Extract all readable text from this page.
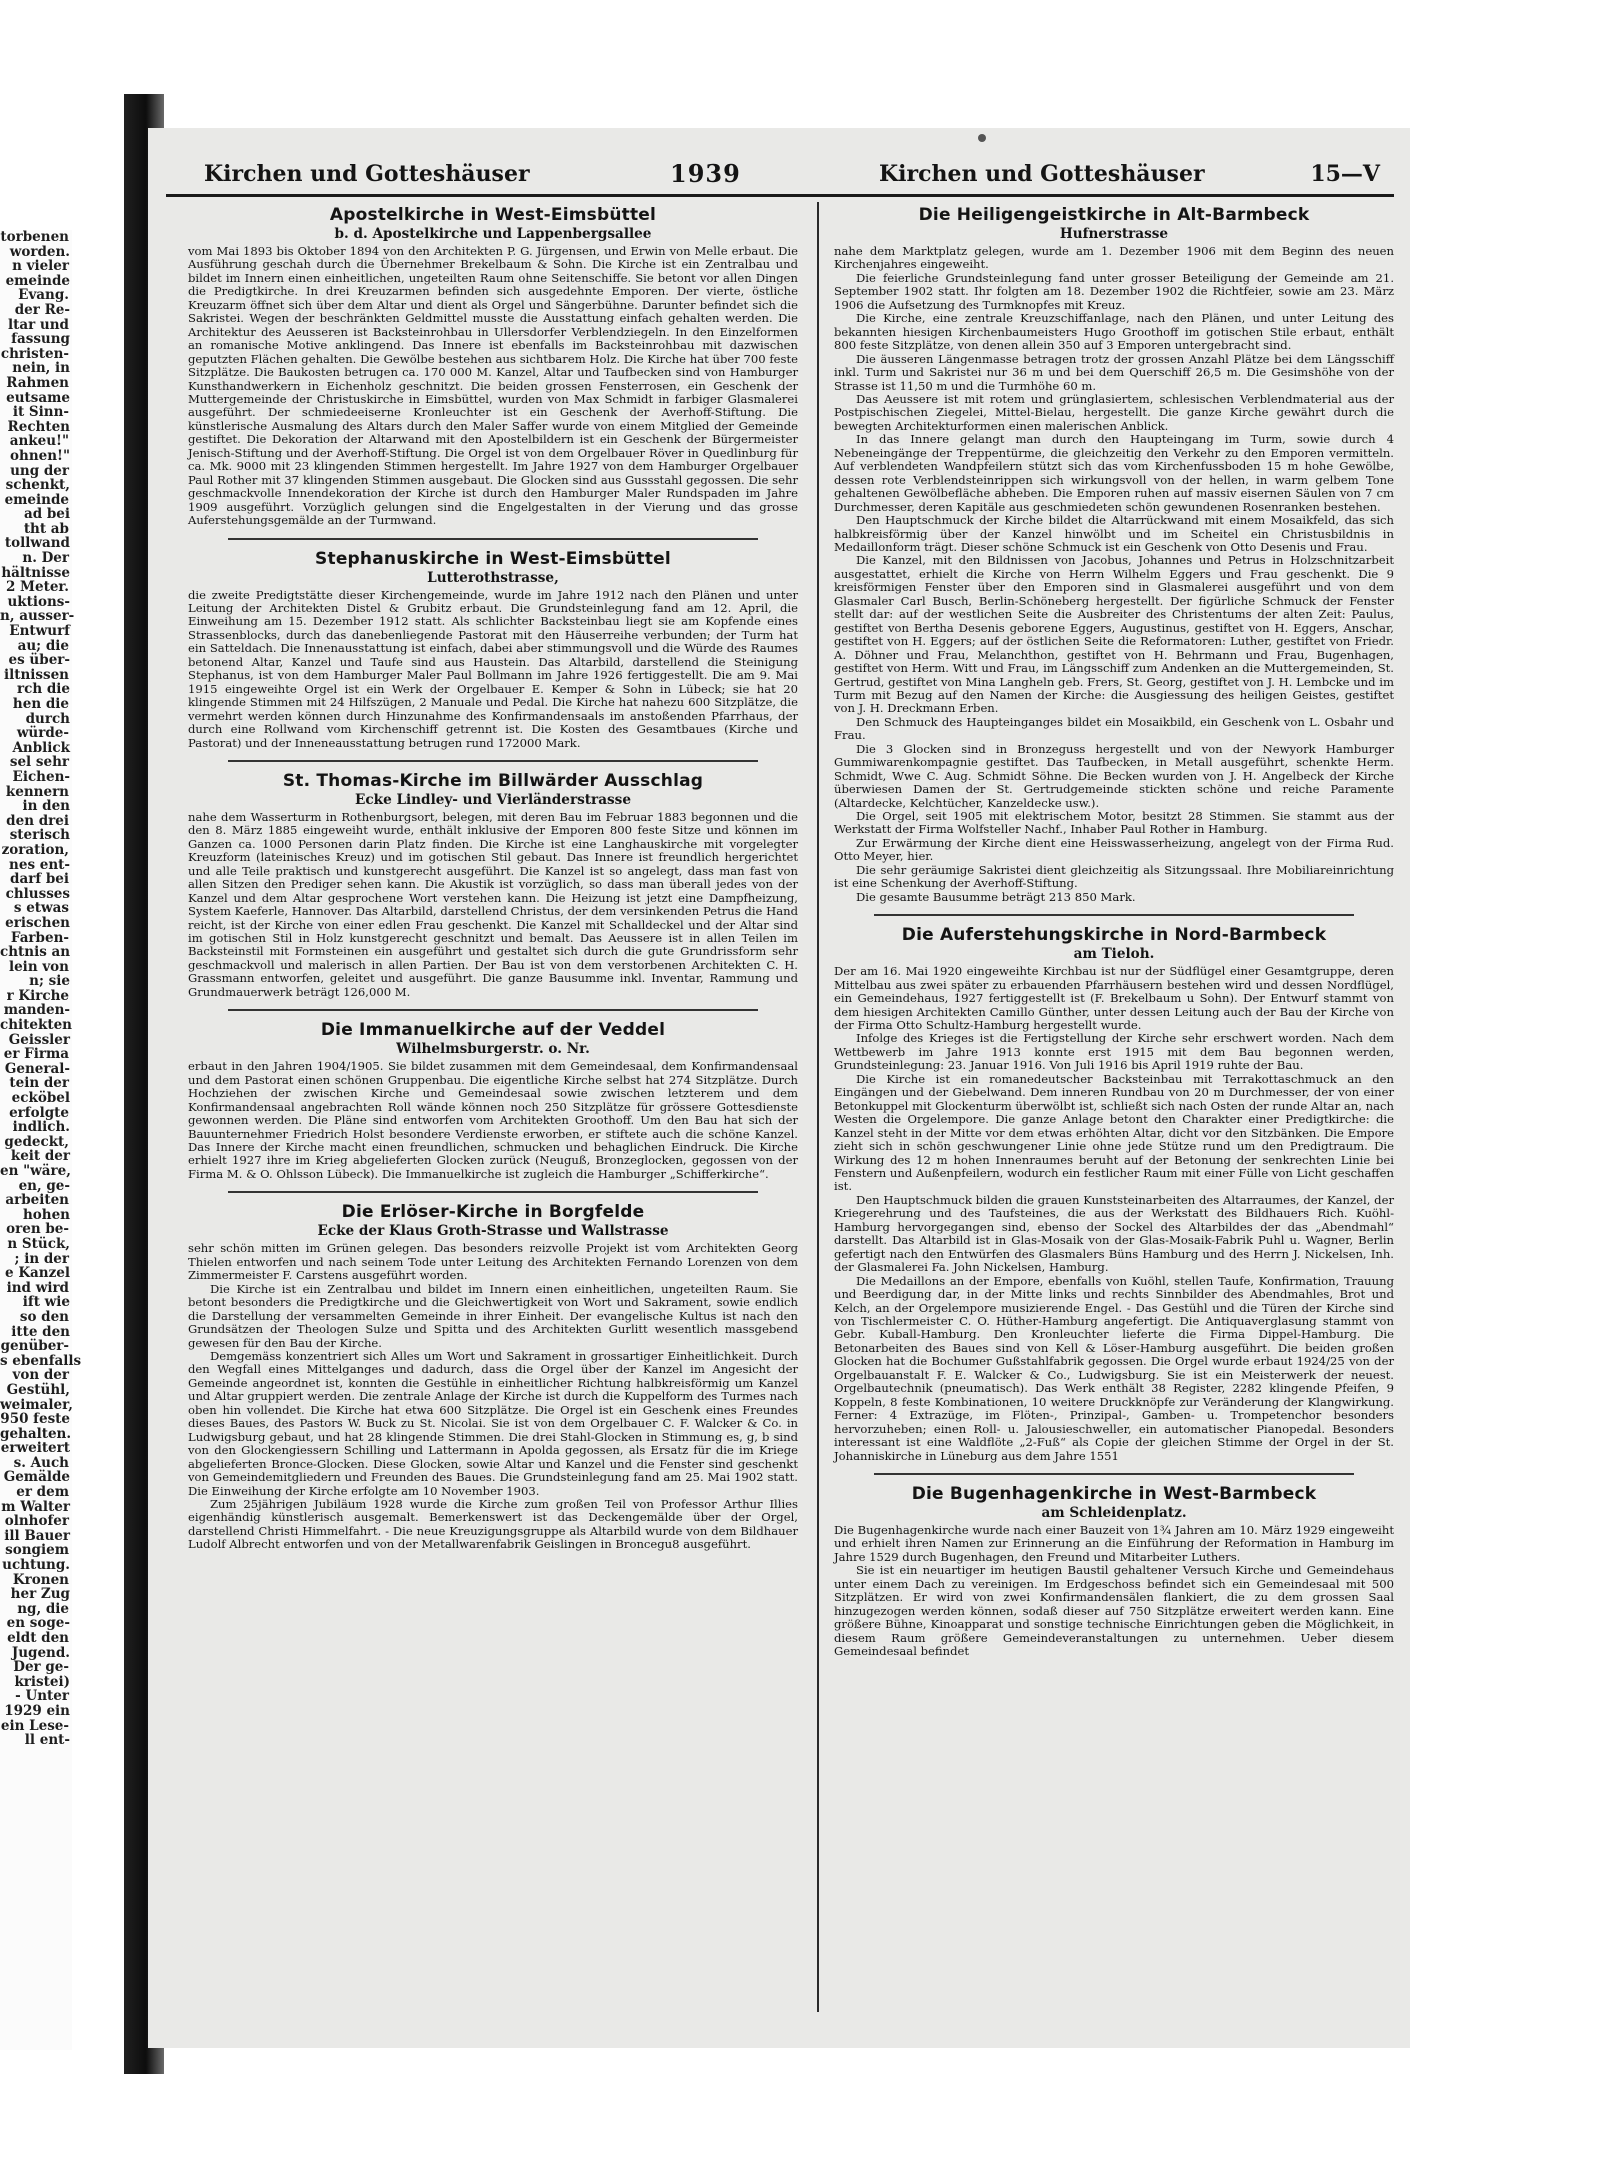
torbenen
worden.
n vieler
emeinde
Evang.
der Re-
ltar und
fassung
christen-
nein, in
Rahmen
eutsame
it Sinn-
Rechten
ankeu!"
ohnen!"
ung der
schenkt,
emeinde
ad bei
tht ab
tollwand
n. Der
hältnisse
2 Meter.
uktions-
n, ausser-
Entwurf
au; die
es über-
iltnissen
rch die
hen die
durch
würde-
Anblick
sel sehr
Eichen-
kennern
in den
den drei
sterisch
zoration,
nes ent-
darf bei
chlusses
s etwas
erischen
Farben-
chtnis an
lein von
n; sie
r Kirche
manden-
chitekten
Geissler
er Firma
General-
tein der
ecköbel
erfolgte
indlich.
gedeckt,
keit der
en "wäre,
en, ge-
arbeiten
hohen
oren be-
n Stück,
; in der
e Kanzel
ind wird
ift wie
so den
itte den
genüber-
s ebenfalls
von der
Gestühl,
weimaler,
950 feste
gehalten.
erweitert
s. Auch
Gemälde
er dem
m Walter
olnhofer
ill Bauer
songiem
uchtung.
Kronen
her Zug
ng, die
en soge-
eldt den
Jugend.
Der ge-
kristei)
- Unter
1929 ein
ein Lese-
ll ent-
Kirchen und Gotteshäuser	1939	Kirchen und Gotteshäuser	15—V
Apostelkirche in West-Eimsbüttel
b. d. Apostelkirche und Lappenbergsallee

vom Mai 1893 bis Oktober 1894 von den Architekten P. G. Jürgensen, und Erwin von Melle erbaut. Die Ausführung geschah durch die Übernehmer Brekelbaum & Sohn. Die Kirche ist ein Zentralbau und bildet im Innern einen einheitlichen, ungeteilten Raum ohne Seitenschiffe. Sie betont vor allen Dingen die Predigtkirche. In drei Kreuzarmen befinden sich ausgedehnte Emporen. Der vierte, östliche Kreuzarm öffnet sich über dem Altar und dient als Orgel und Sängerbühne. Darunter befindet sich die Sakristei. Wegen der beschränkten Geldmittel musste die Ausstattung einfach gehalten werden. Die Architektur des Aeusseren ist Backsteinrohbau in Ullersdorfer Verblendziegeln. In den Einzelformen an romanische Motive anklingend. Das Innere ist ebenfalls im Backsteinrohbau mit dazwischen geputzten Flächen gehalten. Die Gewölbe bestehen aus sichtbarem Holz. Die Kirche hat über 700 feste Sitzplätze. Die Baukosten betrugen ca. 170 000 M. Kanzel, Altar und Taufbecken sind von Hamburger Kunsthandwerkern in Eichenholz geschnitzt. Die beiden grossen Fensterrosen, ein Geschenk der Muttergemeinde der Christuskirche in Eimsbüttel, wurden von Max Schmidt in farbiger Glasmalerei ausgeführt. Der schmiedeeiserne Kronleuchter ist ein Geschenk der Averhoff-Stiftung. Die künstlerische Ausmalung des Altars durch den Maler Saffer wurde von einem Mitglied der Gemeinde gestiftet. Die Dekoration der Altarwand mit den Apostelbildern ist ein Geschenk der Bürgermeister Jenisch-Stiftung und der Averhoff-Stiftung. Die Orgel ist von dem Orgelbauer Röver in Quedlinburg für ca. Mk. 9000 mit 23 klingenden Stimmen hergestellt. Im Jahre 1927 von dem Hamburger Orgelbauer Paul Rother mit 37 klingenden Stimmen ausgebaut. Die Glocken sind aus Gussstahl gegossen. Die sehr geschmackvolle Innendekoration der Kirche ist durch den Hamburger Maler Rundspaden im Jahre 1909 ausgeführt. Vorzüglich gelungen sind die Engelgestalten in der Vierung und das grosse Auferstehungsgemälde an der Turmwand.

Stephanuskirche in West-Eimsbüttel
Lutterothstrasse,

die zweite Predigtstätte dieser Kirchengemeinde, wurde im Jahre 1912 nach den Plänen und unter Leitung der Architekten Distel & Grubitz erbaut. Die Grundsteinlegung fand am 12. April, die Einweihung am 15. Dezember 1912 statt. Als schlichter Backsteinbau liegt sie am Kopfende eines Strassenblocks, durch das danebenliegende Pastorat mit den Häuserreihe verbunden; der Turm hat ein Satteldach. Die Innenausstattung ist einfach, dabei aber stimmungsvoll und die Würde des Raumes betonend Altar, Kanzel und Taufe sind aus Haustein. Das Altarbild, darstellend die Steinigung Stephanus, ist von dem Hamburger Maler Paul Bollmann im Jahre 1926 fertiggestellt. Die am 9. Mai 1915 eingeweihte Orgel ist ein Werk der Orgelbauer E. Kemper & Sohn in Lübeck; sie hat 20 klingende Stimmen mit 24 Hilfszügen, 2 Manuale und Pedal. Die Kirche hat nahezu 600 Sitzplätze, die vermehrt werden können durch Hinzunahme des Konfirmandensaals im anstoßenden Pfarrhaus, der durch eine Rollwand vom Kirchenschiff getrennt ist. Die Kosten des Gesamtbaues (Kirche und Pastorat) und der Inneneausstattung betrugen rund 172000 Mark.

St. Thomas-Kirche im Billwärder Ausschlag
Ecke Lindley- und Vierländerstrasse

nahe dem Wasserturm in Rothenburgsort, belegen, mit deren Bau im Februar 1883 begonnen und die den 8. März 1885 eingeweiht wurde, enthält inklusive der Emporen 800 feste Sitze und können im Ganzen ca. 1000 Personen darin Platz finden. Die Kirche ist eine Langhauskirche mit vorgelegter Kreuzform (lateinisches Kreuz) und im gotischen Stil gebaut. Das Innere ist freundlich hergerichtet und alle Teile praktisch und kunstgerecht ausgeführt. Die Kanzel ist so angelegt, dass man fast von allen Sitzen den Prediger sehen kann. Die Akustik ist vorzüglich, so dass man überall jedes von der Kanzel und dem Altar gesprochene Wort verstehen kann. Die Heizung ist jetzt eine Dampfheizung, System Kaeferle, Hannover. Das Altarbild, darstellend Christus, der dem versinkenden Petrus die Hand reicht, ist der Kirche von einer edlen Frau geschenkt. Die Kanzel mit Schalldeckel und der Altar sind im gotischen Stil in Holz kunstgerecht geschnitzt und bemalt. Das Aeussere ist in allen Teilen im Backsteinstil mit Formsteinen ein ausgeführt und gestaltet sich durch die gute Grundrissform sehr geschmackvoll und malerisch in allen Partien. Der Bau ist von dem verstorbenen Architekten C. H. Grassmann entworfen, geleitet und ausgeführt. Die ganze Bausumme inkl. Inventar, Rammung und Grundmauerwerk beträgt 126,000 M.

Die Immanuelkirche auf der Veddel
Wilhelmsburgerstr. o. Nr.

erbaut in den Jahren 1904/1905. Sie bildet zusammen mit dem Gemeindesaal, dem Konfirmandensaal und dem Pastorat einen schönen Gruppenbau. Die eigentliche Kirche selbst hat 274 Sitzplätze. Durch Hochziehen der zwischen Kirche und Gemeindesaal sowie zwischen letzterem und dem Konfirmandensaal angebrachten Roll wände können noch 250 Sitzplätze für grössere Gottesdienste gewonnen werden. Die Pläne sind entworfen vom Architekten Groothoff. Um den Bau hat sich der Bauunternehmer Friedrich Holst besondere Verdienste erworben, er stiftete auch die schöne Kanzel. Das Innere der Kirche macht einen freundlichen, schmucken und behaglichen Eindruck. Die Kirche erhielt 1927 ihre im Krieg abgelieferten Glocken zurück (Neuguß, Bronzeglocken, gegossen von der Firma M. & O. Ohlsson Lübeck). Die Immanuelkirche ist zugleich die Hamburger „Schifferkirche“.

Die Erlöser-Kirche in Borgfelde
Ecke der Klaus Groth-Strasse und Wallstrasse

sehr schön mitten im Grünen gelegen. Das besonders reizvolle Projekt ist vom Architekten Georg Thielen entworfen und nach seinem Tode unter Leitung des Architekten Fernando Lorenzen von dem Zimmermeister F. Carstens ausgeführt worden.

Die Kirche ist ein Zentralbau und bildet im Innern einen einheitlichen, ungeteilten Raum. Sie betont besonders die Predigtkirche und die Gleichwertigkeit von Wort und Sakrament, sowie endlich die Darstellung der versammelten Gemeinde in ihrer Einheit. Der evangelische Kultus ist nach den Grundsätzen der Theologen Sulze und Spitta und des Architekten Gurlitt wesentlich massgebend gewesen für den Bau der Kirche.

Demgemäss konzentriert sich Alles um Wort und Sakrament in grossartiger Einheitlichkeit. Durch den Wegfall eines Mittelganges und dadurch, dass die Orgel über der Kanzel im Angesicht der Gemeinde angeordnet ist, konnten die Gestühle in einheitlicher Richtung halbkreisförmig um Kanzel und Altar gruppiert werden. Die zentrale Anlage der Kirche ist durch die Kuppelform des Turmes nach oben hin vollendet. Die Kirche hat etwa 600 Sitzplätze. Die Orgel ist ein Geschenk eines Freundes dieses Baues, des Pastors W. Buck zu St. Nicolai. Sie ist von dem Orgelbauer C. F. Walcker & Co. in Ludwigsburg gebaut, und hat 28 klingende Stimmen. Die drei Stahl-Glocken in Stimmung es, g, b sind von den Glockengiessern Schilling und Lattermann in Apolda gegossen, als Ersatz für die im Kriege abgelieferten Bronce-Glocken. Diese Glocken, sowie Altar und Kanzel und die Fenster sind geschenkt von Gemeindemitgliedern und Freunden des Baues. Die Grundsteinlegung fand am 25. Mai 1902 statt. Die Einweihung der Kirche erfolgte am 10 November 1903.

Zum 25jährigen Jubiläum 1928 wurde die Kirche zum großen Teil von Professor Arthur Illies eigenhändig künstlerisch ausgemalt. Bemerkenswert ist das Deckengemälde über der Orgel, darstellend Christi Himmelfahrt. - Die neue Kreuzigungsgruppe als Altarbild wurde von dem Bildhauer Ludolf Albrecht entworfen und von der Metallwarenfabrik Geislingen in Broncegu8 ausgeführt.

Die Heiligengeistkirche in Alt-Barmbeck
Hufnerstrasse

nahe dem Marktplatz gelegen, wurde am 1. Dezember 1906 mit dem Beginn des neuen Kirchenjahres eingeweiht.

Die feierliche Grundsteinlegung fand unter grosser Beteiligung der Gemeinde am 21. September 1902 statt. Ihr folgten am 18. Dezember 1902 die Richtfeier, sowie am 23. März 1906 die Aufsetzung des Turmknopfes mit Kreuz.

Die Kirche, eine zentrale Kreuzschiffanlage, nach den Plänen, und unter Leitung des bekannten hiesigen Kirchenbaumeisters Hugo Groothoff im gotischen Stile erbaut, enthält 800 feste Sitzplätze, von denen allein 350 auf 3 Emporen untergebracht sind.

Die äusseren Längenmasse betragen trotz der grossen Anzahl Plätze bei dem Längsschiff inkl. Turm und Sakristei nur 36 m und bei dem Querschiff 26,5 m. Die Gesimshöhe von der Strasse ist 11,50 m und die Turmhöhe 60 m.

Das Aeussere ist mit rotem und grünglasiertem, schlesischen Verblendmaterial aus der Postpischischen Ziegelei, Mittel-Bielau, hergestellt. Die ganze Kirche gewährt durch die bewegten Architekturformen einen malerischen Anblick.

In das Innere gelangt man durch den Haupteingang im Turm, sowie durch 4 Nebeneingänge der Treppentürme, die gleichzeitig den Verkehr zu den Emporen vermitteln. Auf verblendeten Wandpfeilern stützt sich das vom Kirchenfussboden 15 m hohe Gewölbe, dessen rote Verblendsteinrippen sich wirkungsvoll von der hellen, in warm gelbem Tone gehaltenen Gewölbefläche abheben. Die Emporen ruhen auf massiv eisernen Säulen von 7 cm Durchmesser, deren Kapitäle aus geschmiedeten schön gewundenen Rosenranken bestehen.

Den Hauptschmuck der Kirche bildet die Altarrückwand mit einem Mosaikfeld, das sich halbkreisförmig über der Kanzel hinwölbt und im Scheitel ein Christusbildnis in Medaillonform trägt. Dieser schöne Schmuck ist ein Geschenk von Otto Desenis und Frau.

Die Kanzel, mit den Bildnissen von Jacobus, Johannes und Petrus in Holzschnitzarbeit ausgestattet, erhielt die Kirche von Herrn Wilhelm Eggers und Frau geschenkt. Die 9 kreisförmigen Fenster über den Emporen sind in Glasmalerei ausgeführt und von dem Glasmaler Carl Busch, Berlin-Schöneberg hergestellt. Der figürliche Schmuck der Fenster stellt dar: auf der westlichen Seite die Ausbreiter des Christentums der alten Zeit: Paulus, gestiftet von Bertha Desenis geborene Eggers, Augustinus, gestiftet von H. Eggers, Anschar, gestiftet von H. Eggers; auf der östlichen Seite die Reformatoren: Luther, gestiftet von Friedr. A. Döhner und Frau, Melanchthon, gestiftet von H. Behrmann und Frau, Bugenhagen, gestiftet von Herm. Witt und Frau, im Längsschiff zum Andenken an die Muttergemeinden, St. Gertrud, gestiftet von Mina Langheln geb. Frers, St. Georg, gestiftet von J. H. Lembcke und im Turm mit Bezug auf den Namen der Kirche: die Ausgiessung des heiligen Geistes, gestiftet von J. H. Dreckmann Erben.

Den Schmuck des Haupteinganges bildet ein Mosaikbild, ein Geschenk von L. Osbahr und Frau.

Die 3 Glocken sind in Bronzeguss hergestellt und von der Newyork Hamburger Gummiwarenkompagnie gestiftet. Das Taufbecken, in Metall ausgeführt, schenkte Herm. Schmidt, Wwe C. Aug. Schmidt Söhne. Die Becken wurden von J. H. Angelbeck der Kirche überwiesen Damen der St. Gertrudgemeinde stickten schöne und reiche Paramente (Altardecke, Kelchtücher, Kanzeldecke usw.).

Die Orgel, seit 1905 mit elektrischem Motor, besitzt 28 Stimmen. Sie stammt aus der Werkstatt der Firma Wolfsteller Nachf., Inhaber Paul Rother in Hamburg.

Zur Erwärmung der Kirche dient eine Heisswasserheizung, angelegt von der Firma Rud. Otto Meyer, hier.

Die sehr geräumige Sakristei dient gleichzeitig als Sitzungssaal. Ihre Mobiliareinrichtung ist eine Schenkung der Averhoff-Stiftung.

Die gesamte Bausumme beträgt 213 850 Mark.

Die Auferstehungskirche in Nord-Barmbeck
am Tieloh.

Der am 16. Mai 1920 eingeweihte Kirchbau ist nur der Südflügel einer Gesamtgruppe, deren Mittelbau aus zwei später zu erbauenden Pfarrhäusern bestehen wird und dessen Nordflügel, ein Gemeindehaus, 1927 fertiggestellt ist (F. Brekelbaum u Sohn). Der Entwurf stammt von dem hiesigen Architekten Camillo Günther, unter dessen Leitung auch der Bau der Kirche von der Firma Otto Schultz-Hamburg hergestellt wurde.

Infolge des Krieges ist die Fertigstellung der Kirche sehr erschwert worden. Nach dem Wettbewerb im Jahre 1913 konnte erst 1915 mit dem Bau begonnen werden, Grundsteinlegung: 23. Januar 1916. Von Juli 1916 bis April 1919 ruhte der Bau.

Die Kirche ist ein romanedeutscher Backsteinbau mit Terrakottaschmuck an den Eingängen und der Giebelwand. Dem inneren Rundbau von 20 m Durchmesser, der von einer Betonkuppel mit Glockenturm überwölbt ist, schließt sich nach Osten der runde Altar an, nach Westen die Orgelempore. Die ganze Anlage betont den Charakter einer Predigtkirche: die Kanzel steht in der Mitte vor dem etwas erhöhten Altar, dicht vor den Sitzbänken. Die Empore zieht sich in schön geschwungener Linie ohne jede Stütze rund um den Predigtraum. Die Wirkung des 12 m hohen Innenraumes beruht auf der Betonung der senkrechten Linie bei Fenstern und Außenpfeilern, wodurch ein festlicher Raum mit einer Fülle von Licht geschaffen ist.

Den Hauptschmuck bilden die grauen Kunststeinarbeiten des Altarraumes, der Kanzel, der Kriegerehrung und des Taufsteines, die aus der Werkstatt des Bildhauers Rich. Kuöhl-Hamburg hervorgegangen sind, ebenso der Sockel des Altarbildes der das „Abendmahl“ darstellt. Das Altarbild ist in Glas-Mosaik von der Glas-Mosaik-Fabrik Puhl u. Wagner, Berlin gefertigt nach den Entwürfen des Glasmalers Büns Hamburg und des Herrn J. Nickelsen, Inh. der Glasmalerei Fa. John Nickelsen, Hamburg.

Die Medaillons an der Empore, ebenfalls von Kuöhl, stellen Taufe, Konfirmation, Trauung und Beerdigung dar, in der Mitte links und rechts Sinnbilder des Abendmahles, Brot und Kelch, an der Orgelempore musizierende Engel. - Das Gestühl und die Türen der Kirche sind von Tischlermeister C. O. Hüther-Hamburg angefertigt. Die Antiquaverglasung stammt von Gebr. Kuball-Hamburg. Den Kronleuchter lieferte die Firma Dippel-Hamburg. Die Betonarbeiten des Baues sind von Kell & Löser-Hamburg ausgeführt. Die beiden großen Glocken hat die Bochumer Gußstahlfabrik gegossen. Die Orgel wurde erbaut 1924/25 von der Orgelbauanstalt F. E. Walcker & Co., Ludwigsburg. Sie ist ein Meisterwerk der neuest. Orgelbautechnik (pneumatisch). Das Werk enthält 38 Register, 2282 klingende Pfeifen, 9 Koppeln, 8 feste Kombinationen, 10 weitere Druckknöpfe zur Veränderung der Klangwirkung. Ferner: 4 Extrazüge, im Flöten-, Prinzipal-, Gamben- u. Trompetenchor besonders hervorzuheben; einen Roll- u. Jalousieschweller, ein automatischer Pianopedal. Besonders interessant ist eine Waldflöte „2-Fuß“ als Copie der gleichen Stimme der Orgel in der St. Johanniskirche in Lüneburg aus dem Jahre 1551

Die Bugenhagenkirche in West-Barmbeck
am Schleidenplatz.

Die Bugenhagenkirche wurde nach einer Bauzeit von 1¾ Jahren am 10. März 1929 eingeweiht und erhielt ihren Namen zur Erinnerung an die Einführung der Reformation in Hamburg im Jahre 1529 durch Bugenhagen, den Freund und Mitarbeiter Luthers.

Sie ist ein neuartiger im heutigen Baustil gehaltener Versuch Kirche und Gemeindehaus unter einem Dach zu vereinigen. Im Erdgeschoss befindet sich ein Gemeindesaal mit 500 Sitzplätzen. Er wird von zwei Konfirmandensälen flankiert, die zu dem grossen Saal hinzugezogen werden können, sodaß dieser auf 750 Sitzplätze erweitert werden kann. Eine größere Bühne, Kinoapparat und sonstige technische Einrichtungen geben die Möglichkeit, in diesem Raum größere Gemeindeveranstaltungen zu unternehmen. Ueber diesem Gemeindesaal befindet
